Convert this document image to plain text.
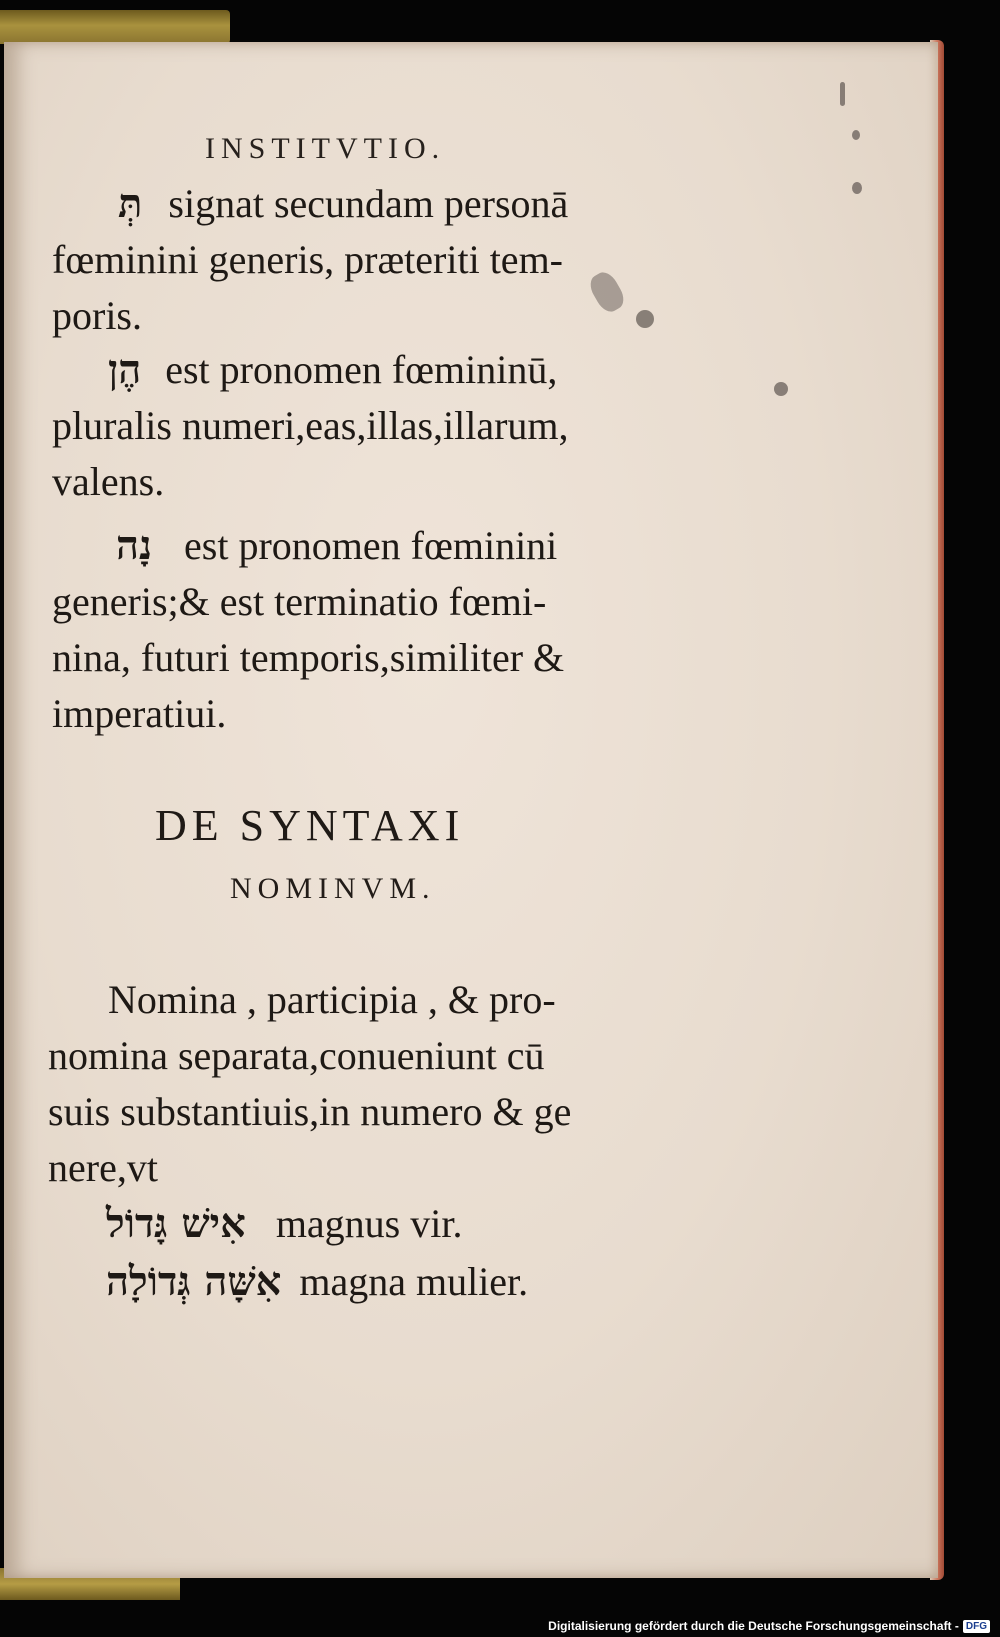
INSTITVTIO.
תְּ signat secundam personā
fœminini generis, præteriti tem-
poris.
הֶן est pronomen fœmininū,
pluralis numeri,eas,illas,illarum,
valens.
נָה est pronomen fœminini
generis;& est terminatio fœmi-
nina, futuri temporis,similiter &
imperatiui.
DE SYNTAXI
NOMINVM.
Nomina , participia , & pro-
nomina separata,conueniunt cū
suis substantiuis,in numero & ge
nere,vt
אִישׁ גָּדוֹל magnus vir.
אִשָּׁה גְּדוֹלָה magna mulier.
Digitalisierung gefördert durch die Deutsche Forschungsgemeinschaft - DFG
